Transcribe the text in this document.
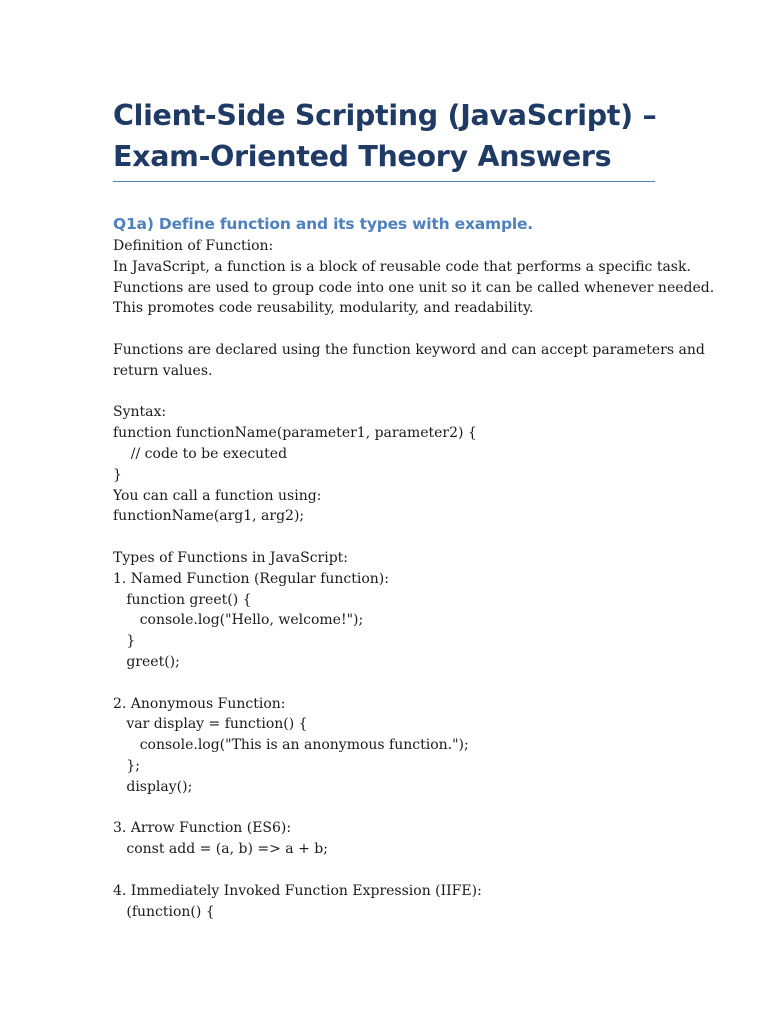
Client-Side Scripting (JavaScript) –
Exam-Oriented Theory Answers
Q1a) Define function and its types with example.
Definition of Function:
In JavaScript, a function is a block of reusable code that performs a specific task.
Functions are used to group code into one unit so it can be called whenever needed.
This promotes code reusability, modularity, and readability.
Functions are declared using the function keyword and can accept parameters and
return values.
Syntax:
function functionName(parameter1, parameter2) {
// code to be executed
}
You can call a function using:
functionName(arg1, arg2);
Types of Functions in JavaScript:
1. Named Function (Regular function):
function greet() {
console.log("Hello, welcome!");
}
greet();
2. Anonymous Function:
var display = function() {
console.log("This is an anonymous function.");
};
display();
3. Arrow Function (ES6):
const add = (a, b) => a + b;
4. Immediately Invoked Function Expression (IIFE):
(function() {
